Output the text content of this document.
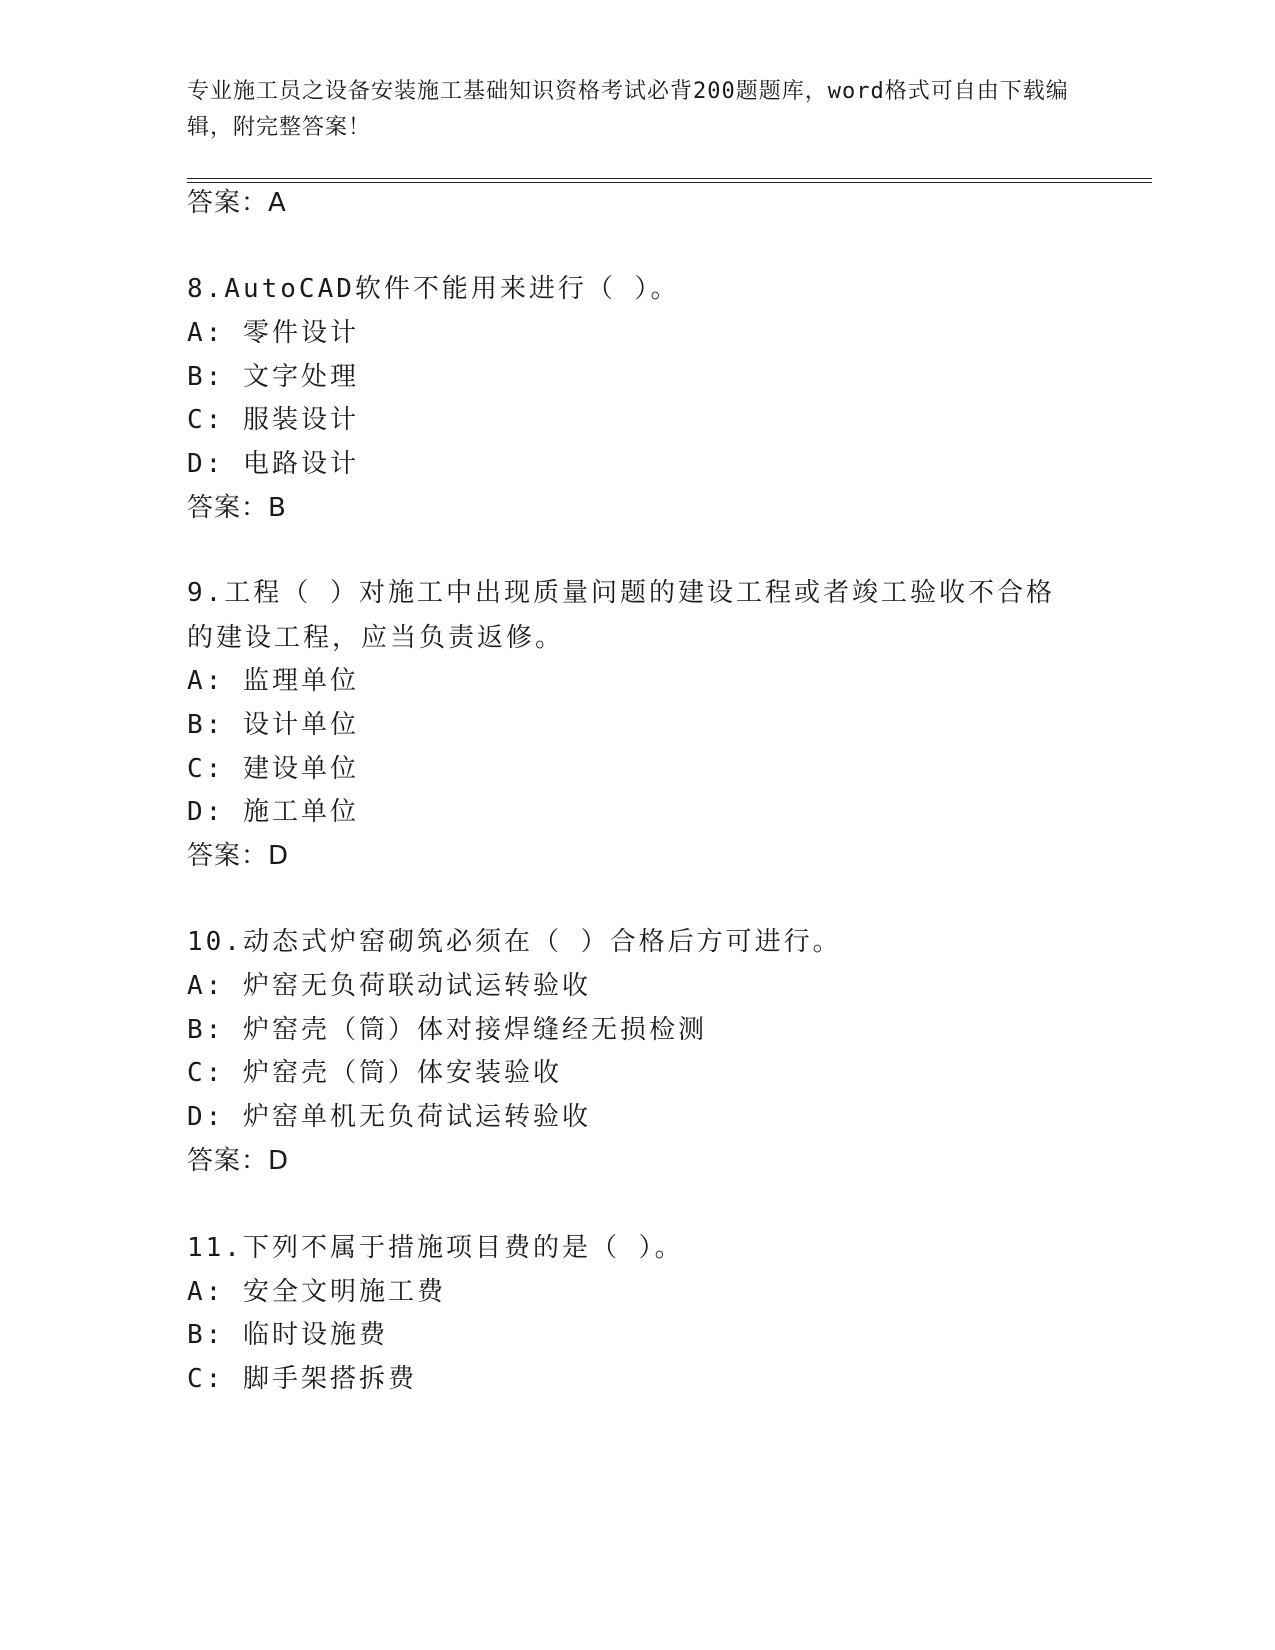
专业施工员之设备安装施工基础知识资格考试必背200题题库，word格式可自由下载编辑，附完整答案！
答案：A
8.AutoCAD软件不能用来进行（ ）。
A: 零件设计
B: 文字处理
C: 服装设计
D: 电路设计
答案：B
9.工程（ ）对施工中出现质量问题的建设工程或者竣工验收不合格的建设工程，应当负责返修。
A: 监理单位
B: 设计单位
C: 建设单位
D: 施工单位
答案：D
10.动态式炉窑砌筑必须在（ ）合格后方可进行。
A: 炉窑无负荷联动试运转验收
B: 炉窑壳（筒）体对接焊缝经无损检测
C: 炉窑壳（筒）体安装验收
D: 炉窑单机无负荷试运转验收
答案：D
11.下列不属于措施项目费的是（ ）。
A: 安全文明施工费
B: 临时设施费
C: 脚手架搭拆费
